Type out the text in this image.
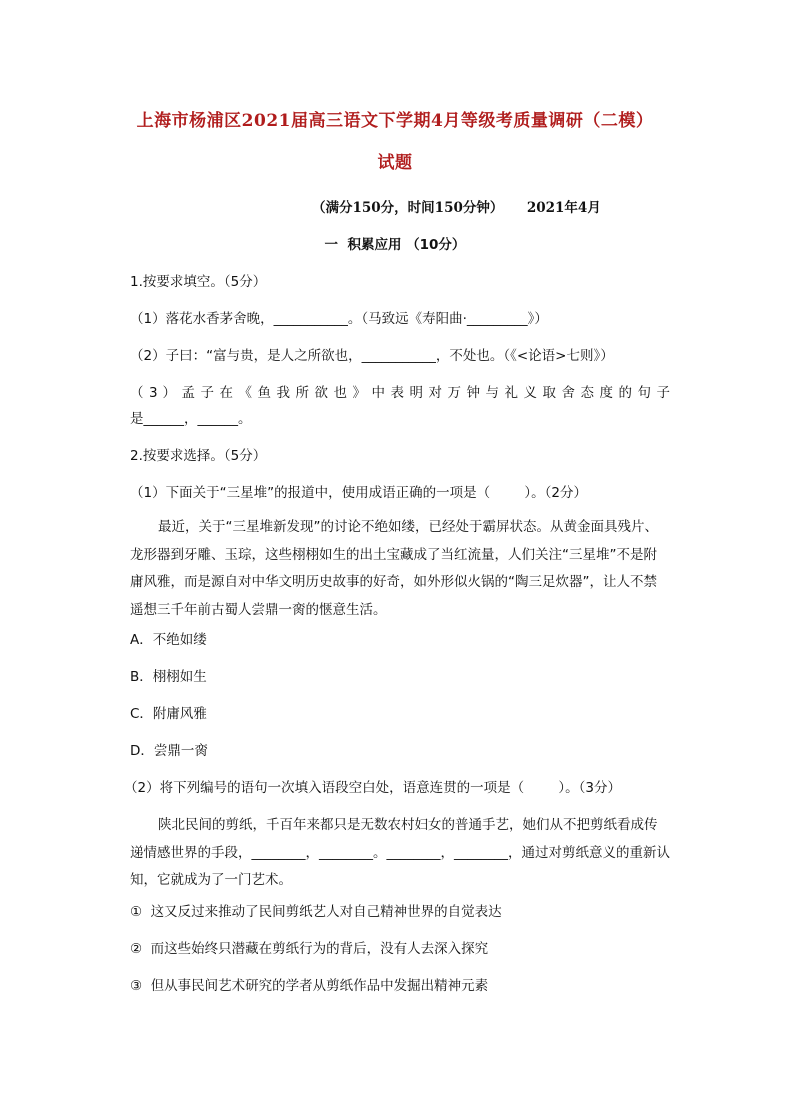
上海市杨浦区2021届高三语文下学期4月等级考质量调研（二模）
试题
（满分150分，时间150分钟）     2021年4月
一  积累应用 （10分）
1.按要求填空。（5分）
（1）落花水香茅舍晚，___________。（马致远《寿阳曲·_________》）
（2）子曰：“富与贵，是人之所欲也，___________，不处也。（《<论语>七则》）
（ 3 ） 孟 子 在 《 鱼 我 所 欲 也 》 中 表 明 对 万 钟 与 礼 义 取 舍 态 度 的 句 子
是______，______。
2.按要求选择。（5分）
（1）下面关于“三星堆”的报道中，使用成语正确的一项是（        ）。（2分）
最近，关于“三星堆新发现”的讨论不绝如缕，已经处于霸屏状态。从黄金面具残片、龙形器到牙雕、玉琮，这些栩栩如生的出土宝藏成了当红流量，人们关注“三星堆”不是附庸风雅，而是源自对中华文明历史故事的好奇，如外形似火锅的“陶三足炊器”，让人不禁遥想三千年前古蜀人尝鼎一脔的惬意生活。
A．不绝如缕
B．栩栩如生
C．附庸风雅
D．尝鼎一脔
（2）将下列编号的语句一次填入语段空白处，语意连贯的一项是（        ）。（3分）
陕北民间的剪纸，千百年来都只是无数农村妇女的普通手艺，她们从不把剪纸看成传递情感世界的手段，________，________。________，________，通过对剪纸意义的重新认知，它就成为了一门艺术。
①  这又反过来推动了民间剪纸艺人对自己精神世界的自觉表达
②  而这些始终只潜藏在剪纸行为的背后，没有人去深入探究
③  但从事民间艺术研究的学者从剪纸作品中发掘出精神元素
